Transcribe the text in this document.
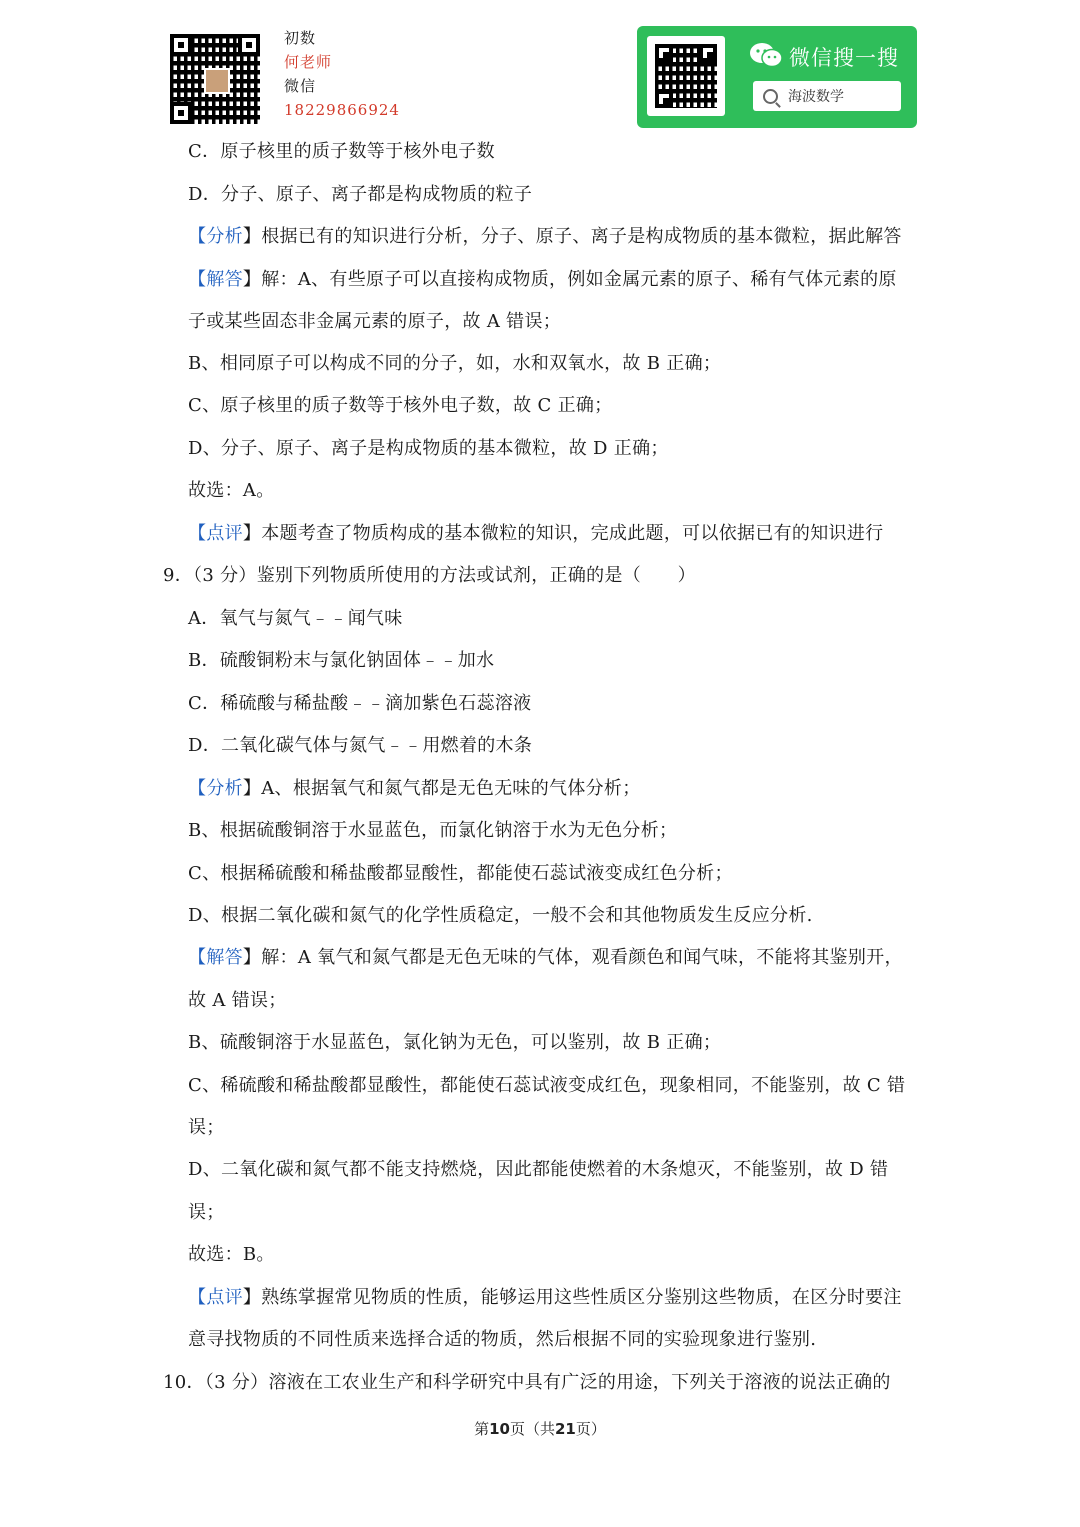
初数
何老师
微信
18229866924
微信搜一搜
海波数学
C．原子核里的质子数等于核外电子数
D．分子、原子、离子都是构成物质的粒子
【分析】根据已有的知识进行分析，分子、原子、离子是构成物质的基本微粒，据此解答
【解答】解：A、有些原子可以直接构成物质，例如金属元素的原子、稀有气体元素的原
子或某些固态非金属元素的原子，故 A 错误；
B、相同原子可以构成不同的分子，如，水和双氧水，故 B 正确；
C、原子核里的质子数等于核外电子数，故 C 正确；
D、分子、原子、离子是构成物质的基本微粒，故 D 正确；
故选：A。
【点评】本题考查了物质构成的基本微粒的知识，完成此题，可以依据已有的知识进行
9．（3 分）鉴别下列物质所使用的方法或试剂，正确的是（　　）
A．氧气与氮气﹣﹣闻气味
B．硫酸铜粉末与氯化钠固体﹣﹣加水
C．稀硫酸与稀盐酸﹣﹣滴加紫色石蕊溶液
D．二氧化碳气体与氮气﹣﹣用燃着的木条
【分析】A、根据氧气和氮气都是无色无味的气体分析；
B、根据硫酸铜溶于水显蓝色，而氯化钠溶于水为无色分析；
C、根据稀硫酸和稀盐酸都显酸性，都能使石蕊试液变成红色分析；
D、根据二氧化碳和氮气的化学性质稳定，一般不会和其他物质发生反应分析.
【解答】解：A 氧气和氮气都是无色无味的气体，观看颜色和闻气味，不能将其鉴别开，
故 A 错误；
B、硫酸铜溶于水显蓝色，氯化钠为无色，可以鉴别，故 B 正确；
C、稀硫酸和稀盐酸都显酸性，都能使石蕊试液变成红色，现象相同，不能鉴别，故 C 错
误；
D、二氧化碳和氮气都不能支持燃烧，因此都能使燃着的木条熄灭，不能鉴别，故 D 错
误；
故选：B。
【点评】熟练掌握常见物质的性质，能够运用这些性质区分鉴别这些物质，在区分时要注
意寻找物质的不同性质来选择合适的物质，然后根据不同的实验现象进行鉴别.
10．（3 分）溶液在工农业生产和科学研究中具有广泛的用途，下列关于溶液的说法正确的
第10页（共21页）
